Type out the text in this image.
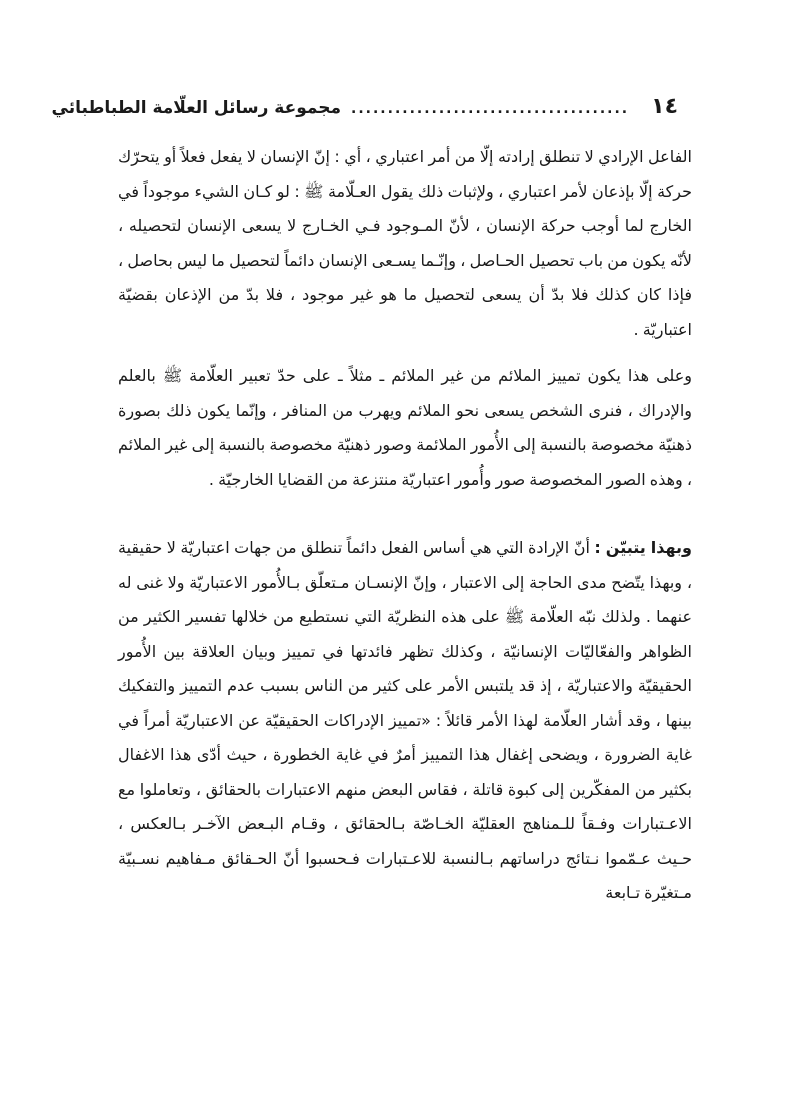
١٤
......................................
مجموعة رسائل العلّامة الطباطبائي

الفاعل الإرادي لا تنطلق إرادته إلّا من أمر اعتباري ، أي : إنّ الإنسان لا يفعل فعلاً أو يتحرّك حركة إلّا بإذعان لأمر اعتباري ، ولإثبات ذلك يقول العـلّامة ﷺ : لو كـان الشيء موجوداً في الخارج لما أوجب حركة الإنسان ، لأنّ المـوجود فـي الخـارج لا يسعى الإنسان لتحصيله ، لأنّه يكون من باب تحصيل الحـاصل ، وإنّـما يسـعى الإنسان دائماً لتحصيل ما ليس بحاصل ، فإذا كان كذلك فلا بدّ أن يسعى لتحصيل ما هو غير موجود ، فلا بدّ من الإذعان بقضيّة اعتباريّة .

وعلى هذا يكون تمييز الملائم من غير الملائم ـ مثلاً ـ على حدّ تعبير العلّامة ﷺ بالعلم والإدراك ، فنرى الشخص يسعى نحو الملائم ويهرب من المنافر ، وإنّما يكون ذلك بصورة ذهنيّة مخصوصة بالنسبة إلى الأُمور الملائمة وصور ذهنيّة مخصوصة بالنسبة إلى غير الملائم ، وهذه الصور المخصوصة صور وأُمور اعتباريّة منتزعة من القضايا الخارجيّة .

وبهذا يتبيّن : أنّ الإرادة التي هي أساس الفعل دائماً تنطلق من جهات اعتباريّة لا حقيقية ، وبهذا يتّضح مدى الحاجة إلى الاعتبار ، وإنّ الإنسـان مـتعلّق بـالأُمور الاعتباريّة ولا غنى له عنهما . ولذلك نبّه العلّامة ﷺ على هذه النظريّة التي نستطيع من خلالها تفسير الكثير من الظواهر والفعّاليّات الإنسانيّة ، وكذلك تظهر فائدتها في تمييز وبيان العلاقة بين الأُمور الحقيقيّة والاعتباريّة ، إذ قد يلتبس الأمر على كثير من الناس بسبب عدم التمييز والتفكيك بينها ، وقد أشار العلّامة لهذا الأمر قائلاً : «تمييز الإدراكات الحقيقيّة عن الاعتباريّة أمراً في غاية الضرورة ، ويضحى إغفال هذا التمييز أمرٌ في غاية الخطورة ، حيث أدّى هذا الاغفال بكثير من المفكّرين إلى كبوة قاتلة ، فقاس البعض منهم الاعتبارات بالحقائق ، وتعاملوا مع الاعـتبارات وفـقاً للـمناهج العقليّة الخـاصّة بـالحقائق ، وقـام البـعض الآخـر بـالعكس ، حـيث عـمّموا نـتائج دراساتهم بـالنسبة للاعـتبارات فـحسبوا أنّ الحـقائق مـفاهيم نسـبيّة مـتغيّرة تـابعة
